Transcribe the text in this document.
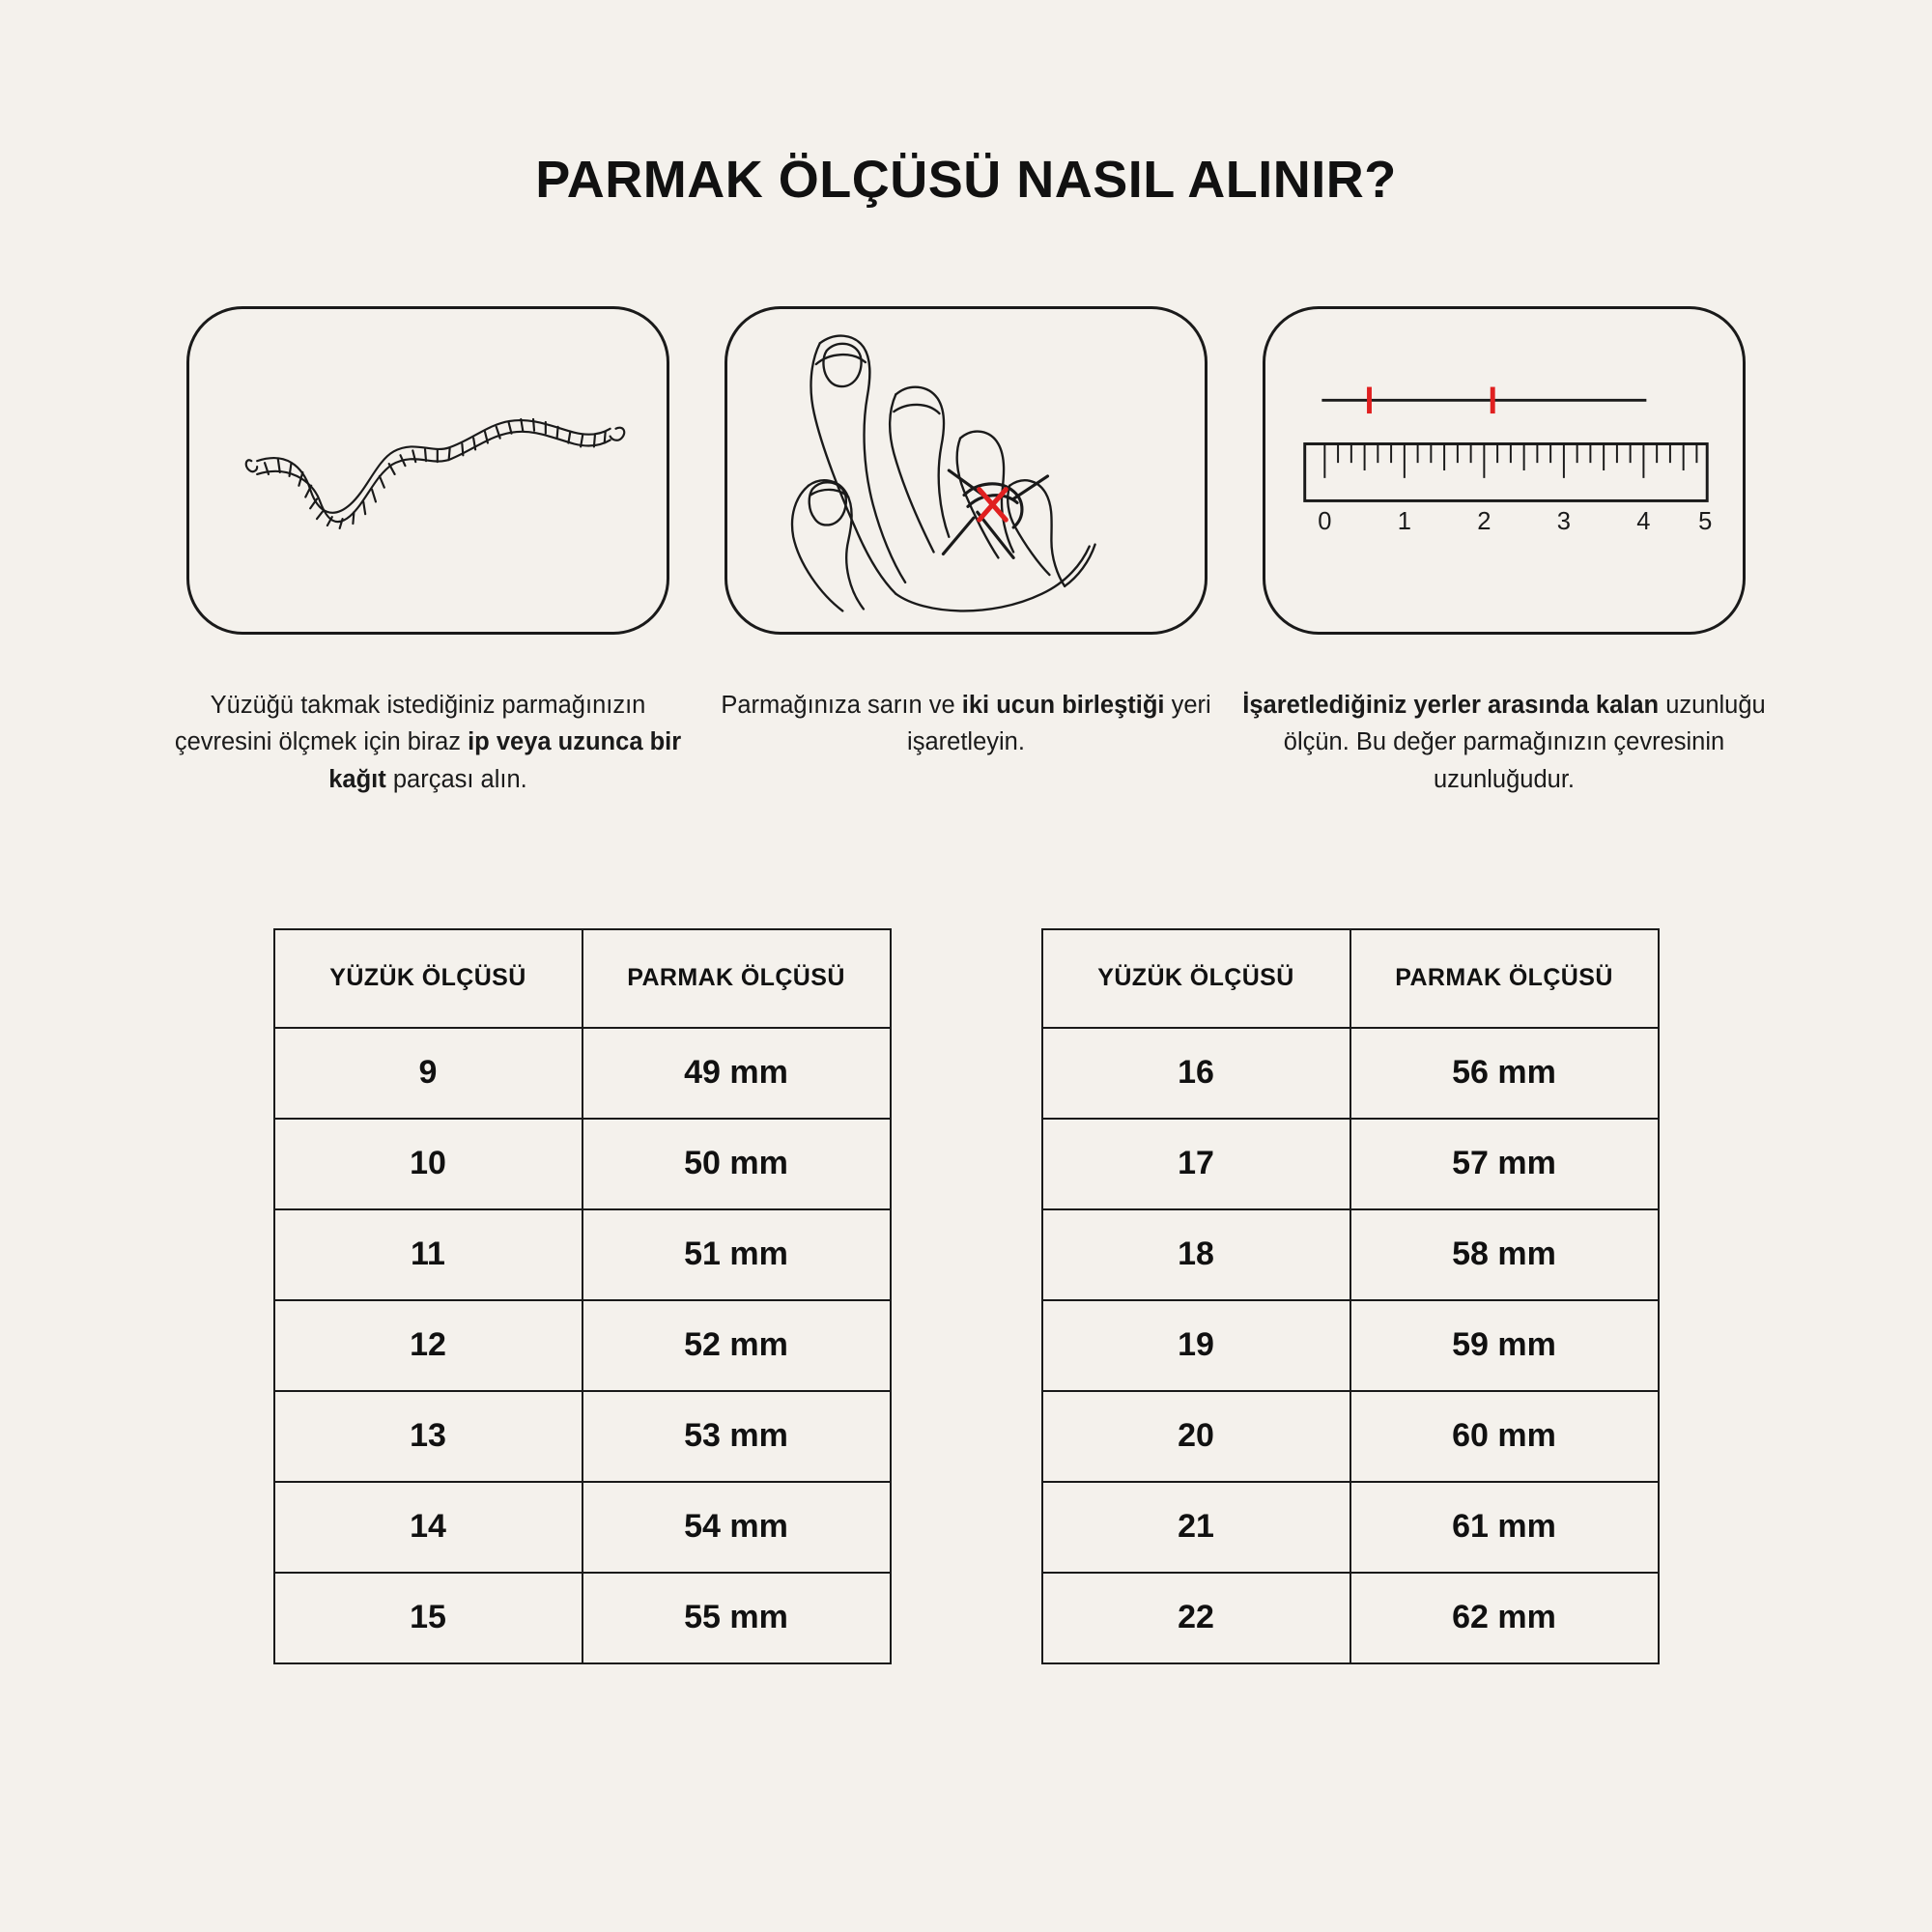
PARMAK ÖLÇÜSÜ NASIL ALINIR?
Yüzüğü takmak istediğiniz parmağınızın çevresini ölçmek için biraz ip veya uzunca bir kağıt parçası alın.
Parmağınıza sarın ve iki ucun birleştiği yeri işaretleyin.
0	1	2	3	4 5
İşaretlediğiniz yerler arasında kalan uzunluğu ölçün. Bu değer parmağınızın çevresinin uzunluğudur.
YÜZÜK ÖLÇÜSÜ	PARMAK ÖLÇÜSÜ
9	49 mm
10	50 mm
11	51 mm
12	52 mm
13	53 mm
14	54 mm
15	55 mm
YÜZÜK ÖLÇÜSÜ	PARMAK ÖLÇÜSÜ
16	56 mm
17	57 mm
18	58 mm
19	59 mm
20	60 mm
21	61 mm
22	62 mm
